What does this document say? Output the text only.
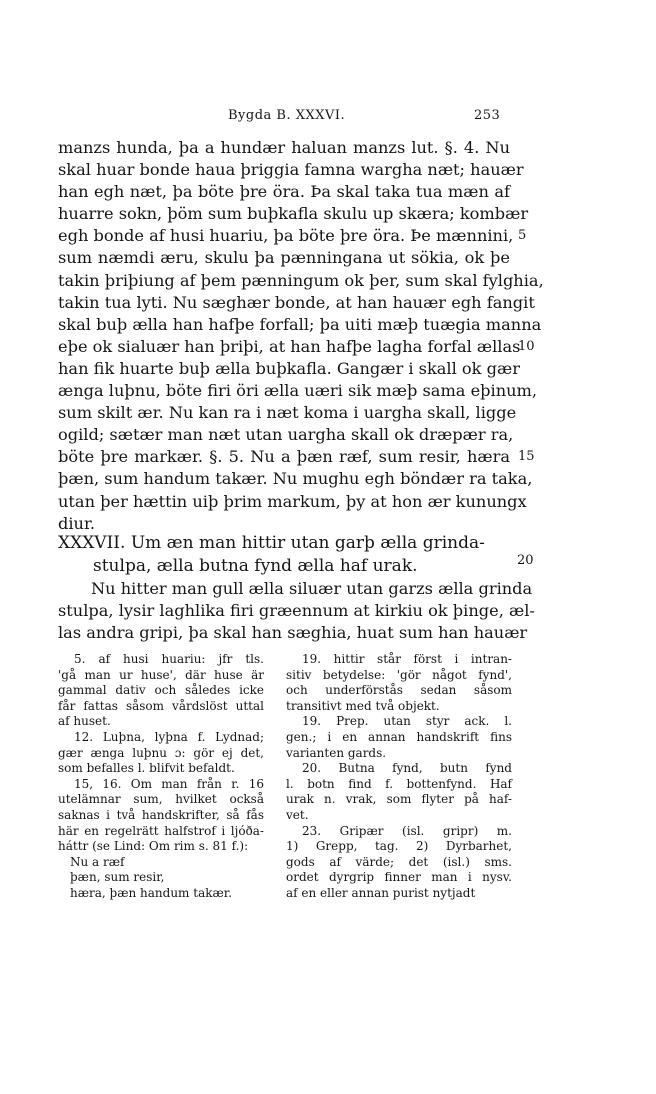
Bygda B. XXXVI.	253
manzs hunda, þa a hundær haluan manzs lut. §. 4. Nu
skal huar bonde haua þriggia famna wargha næt; hauær
han egh næt, þa böte þre öra. Þa skal taka tua mæn af
huarre sokn, þöm sum buþkafla skulu up skæra; kombær
egh bonde af husi huariu, þa böte þre öra. Þe mænnini, 5
sum næmdi æru, skulu þa pænningana ut sökia, ok þe
takin þriþiung af þem pænningum ok þer, sum skal fylghia,
takin tua lyti. Nu sæghær bonde, at han hauær egh fangit
skal buþ ælla han hafþe forfall; þa uiti mæþ tuægia manna
eþe ok sialuær han þriþi, at han hafþe lagha forfal ællas
10
han fik huarte buþ ælla buþkafla. Gangær i skall ok gær
ænga luþnu, böte firi öri ælla uæri sik mæþ sama eþinum,
sum skilt ær. Nu kan ra i næt koma i uargha skall, ligge
ogild; sætær man næt utan uargha skall ok dræpær ra,
böte þre markær. §. 5. Nu a þæn ræf, sum resir, hæra 15
þæn, sum handum takær. Nu mughu egh böndær ra taka,
utan þer hættin uiþ þrim markum, þy at hon ær kunungx
diur.
XXXVII. Um æn man hittir utan garþ ælla grinda-
stulpa, ælla butna fynd ælla haf urak.	20
Nu hitter man gull ælla siluær utan garzs ælla grinda
stulpa, lysir laghlika firi græennum at kirkiu ok þinge, æl-
las andra gripi, þa skal han sæghia, huat sum han hauær
5. af husi huariu: jfr tls.
'gå man ur huse', där huse är
gammal dativ och således icke
får fattas såsom vårdslöst uttal
af huset.
12. Luþna, lyþna f. Lydnad;
gær ænga luþnu ɔ: gör ej det,
som befalles l. blifvit befaldt.
15, 16. Om man från r. 16
utelämnar sum, hvilket också
saknas i två handskrifter, så fås
här en regelrätt halfstrof i ljóða-
háttr (se Lind: Om rim s. 81 f.):
Nu a ræf
þæn, sum resir,
hæra, þæn handum takær.
19. hittir står först i intran-
sitiv betydelse: 'gör något fynd',
och underförstås sedan såsom
transitivt med två objekt.
19. Prep. utan styr ack. l.
gen.; i en annan handskrift fins
varianten gards.
20. Butna fynd, butn fynd
l. botn find f. bottenfynd. Haf
urak n. vrak, som flyter på haf-
vet.
23. Gripær (isl. gripr) m.
1) Grepp, tag. 2) Dyrbarhet,
gods af värde; det (isl.) sms.
ordet dyrgrip finner man i nysv.
af en eller annan purist nytjadt
